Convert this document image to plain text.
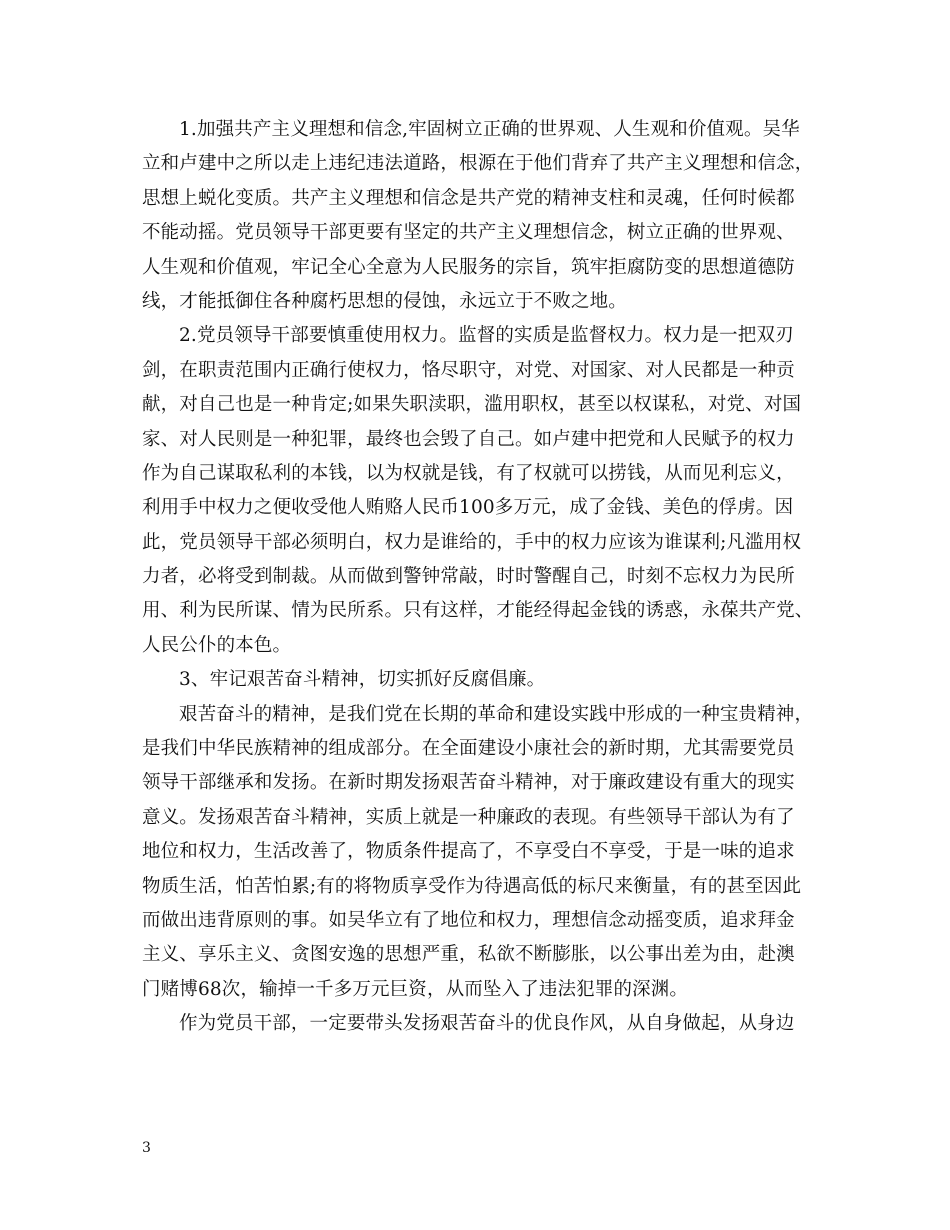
1.加强共产主义理想和信念,牢固树立正确的世界观、人生观和价值观。吴华
立和卢建中之所以走上违纪违法道路，根源在于他们背弃了共产主义理想和信念，
思想上蜕化变质。共产主义理想和信念是共产党的精神支柱和灵魂，任何时候都
不能动摇。党员领导干部更要有坚定的共产主义理想信念，树立正确的世界观、
人生观和价值观，牢记全心全意为人民服务的宗旨，筑牢拒腐防变的思想道德防
线，才能抵御住各种腐朽思想的侵蚀，永远立于不败之地。
2.党员领导干部要慎重使用权力。监督的实质是监督权力。权力是一把双刃
剑，在职责范围内正确行使权力，恪尽职守，对党、对国家、对人民都是一种贡
献，对自己也是一种肯定;如果失职渎职，滥用职权，甚至以权谋私，对党、对国
家、对人民则是一种犯罪，最终也会毁了自己。如卢建中把党和人民赋予的权力
作为自己谋取私利的本钱，以为权就是钱，有了权就可以捞钱，从而见利忘义，
利用手中权力之便收受他人贿赂人民币100多万元，成了金钱、美色的俘虏。因
此，党员领导干部必须明白，权力是谁给的，手中的权力应该为谁谋利;凡滥用权
力者，必将受到制裁。从而做到警钟常敲，时时警醒自己，时刻不忘权力为民所
用、利为民所谋、情为民所系。只有这样，才能经得起金钱的诱惑，永葆共产党、
人民公仆的本色。
3、牢记艰苦奋斗精神，切实抓好反腐倡廉。
艰苦奋斗的精神，是我们党在长期的革命和建设实践中形成的一种宝贵精神，
是我们中华民族精神的组成部分。在全面建设小康社会的新时期，尤其需要党员
领导干部继承和发扬。在新时期发扬艰苦奋斗精神，对于廉政建设有重大的现实
意义。发扬艰苦奋斗精神，实质上就是一种廉政的表现。有些领导干部认为有了
地位和权力，生活改善了，物质条件提高了，不享受白不享受，于是一味的追求
物质生活，怕苦怕累;有的将物质享受作为待遇高低的标尺来衡量，有的甚至因此
而做出违背原则的事。如吴华立有了地位和权力，理想信念动摇变质，追求拜金
主义、享乐主义、贪图安逸的思想严重，私欲不断膨胀，以公事出差为由，赴澳
门赌博68次，输掉一千多万元巨资，从而坠入了违法犯罪的深渊。
作为党员干部，一定要带头发扬艰苦奋斗的优良作风，从自身做起，从身边
3
